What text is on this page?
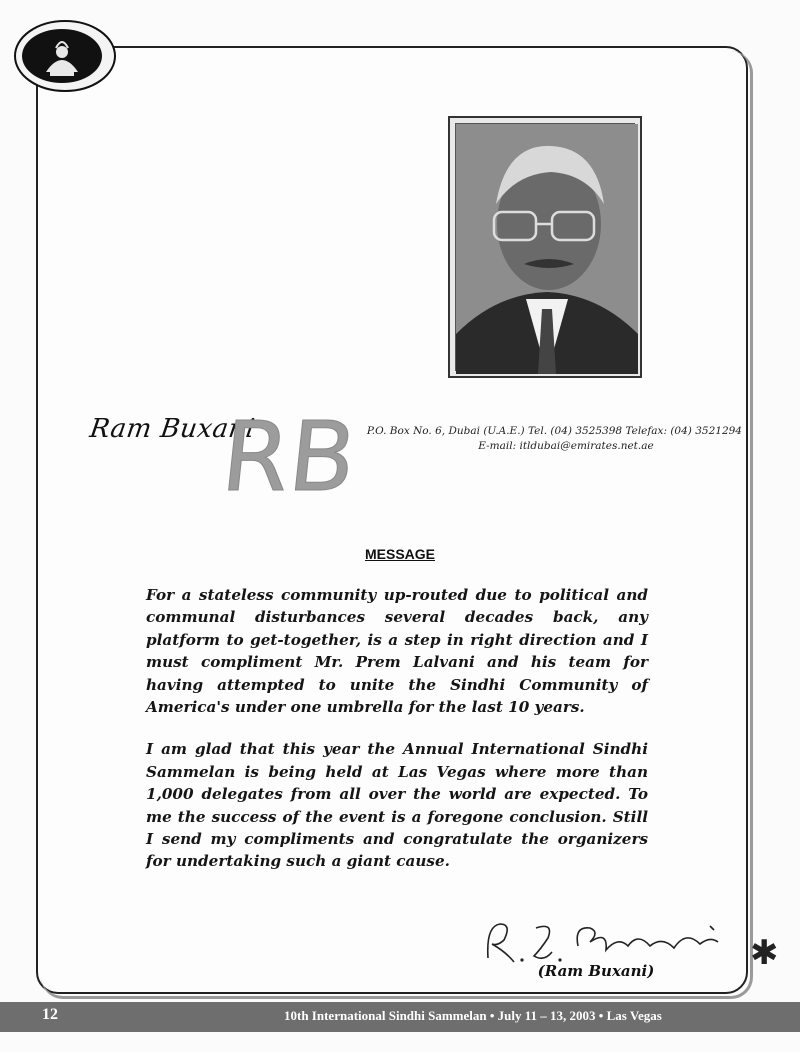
Ram Buxani
RB P.O. Box No. 6, Dubai (U.A.E.) Tel. (04) 3525398 Telefax: (04) 3521294
E-mail: itldubai@emirates.net.ae
MESSAGE

For a stateless community up-routed due to political and communal disturbances several decades back, any platform to get-together, is a step in right direction and I must compliment Mr. Prem Lalvani and his team for having attempted to unite the Sindhi Community of America's under one umbrella for the last 10 years.

I am glad that this year the Annual International Sindhi Sammelan is being held at Las Vegas where more than 1,000 delegates from all over the world are expected. To me the success of the event is a foregone conclusion. Still I send my compliments and congratulate the organizers for undertaking such a giant cause.

(Ram Buxani)	✱
12	10th International Sindhi Sammelan • July 11 – 13, 2003 • Las Vegas
